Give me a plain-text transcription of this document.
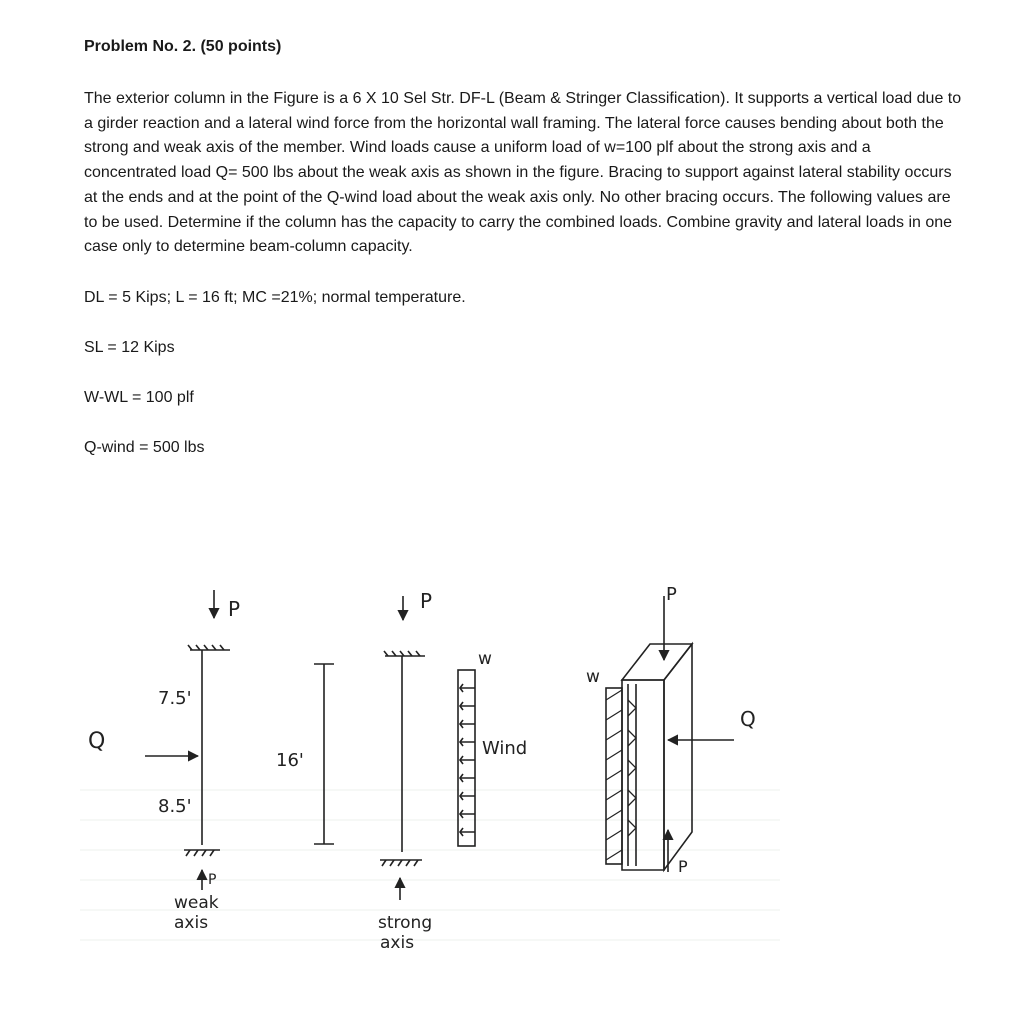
Problem No. 2. (50 points)
The exterior column in the Figure is a 6 X 10 Sel Str. DF-L (Beam & Stringer Classification). It supports a vertical load due to a girder reaction and a lateral wind force from the horizontal wall framing. The lateral force causes bending about both the strong and weak axis of the member. Wind loads cause a uniform load of w=100 plf about the strong axis and a concentrated load Q= 500 lbs about the weak axis as shown in the figure. Bracing to support against lateral stability occurs at the ends and at the point of the Q-wind load about the weak axis only. No other bracing occurs. The following values are to be used. Determine if the column has the capacity to carry the combined loads. Combine gravity and lateral loads in one case only to determine beam-column capacity.
DL = 5 Kips; L = 16 ft; MC =21%; normal temperature.
SL = 12 Kips
W-WL = 100 plf
Q-wind = 500 lbs
P
Q
7.5'
8.5'
P
weak
axis
16'
P
w
Wind
strong
axis
P
w
Q
P
